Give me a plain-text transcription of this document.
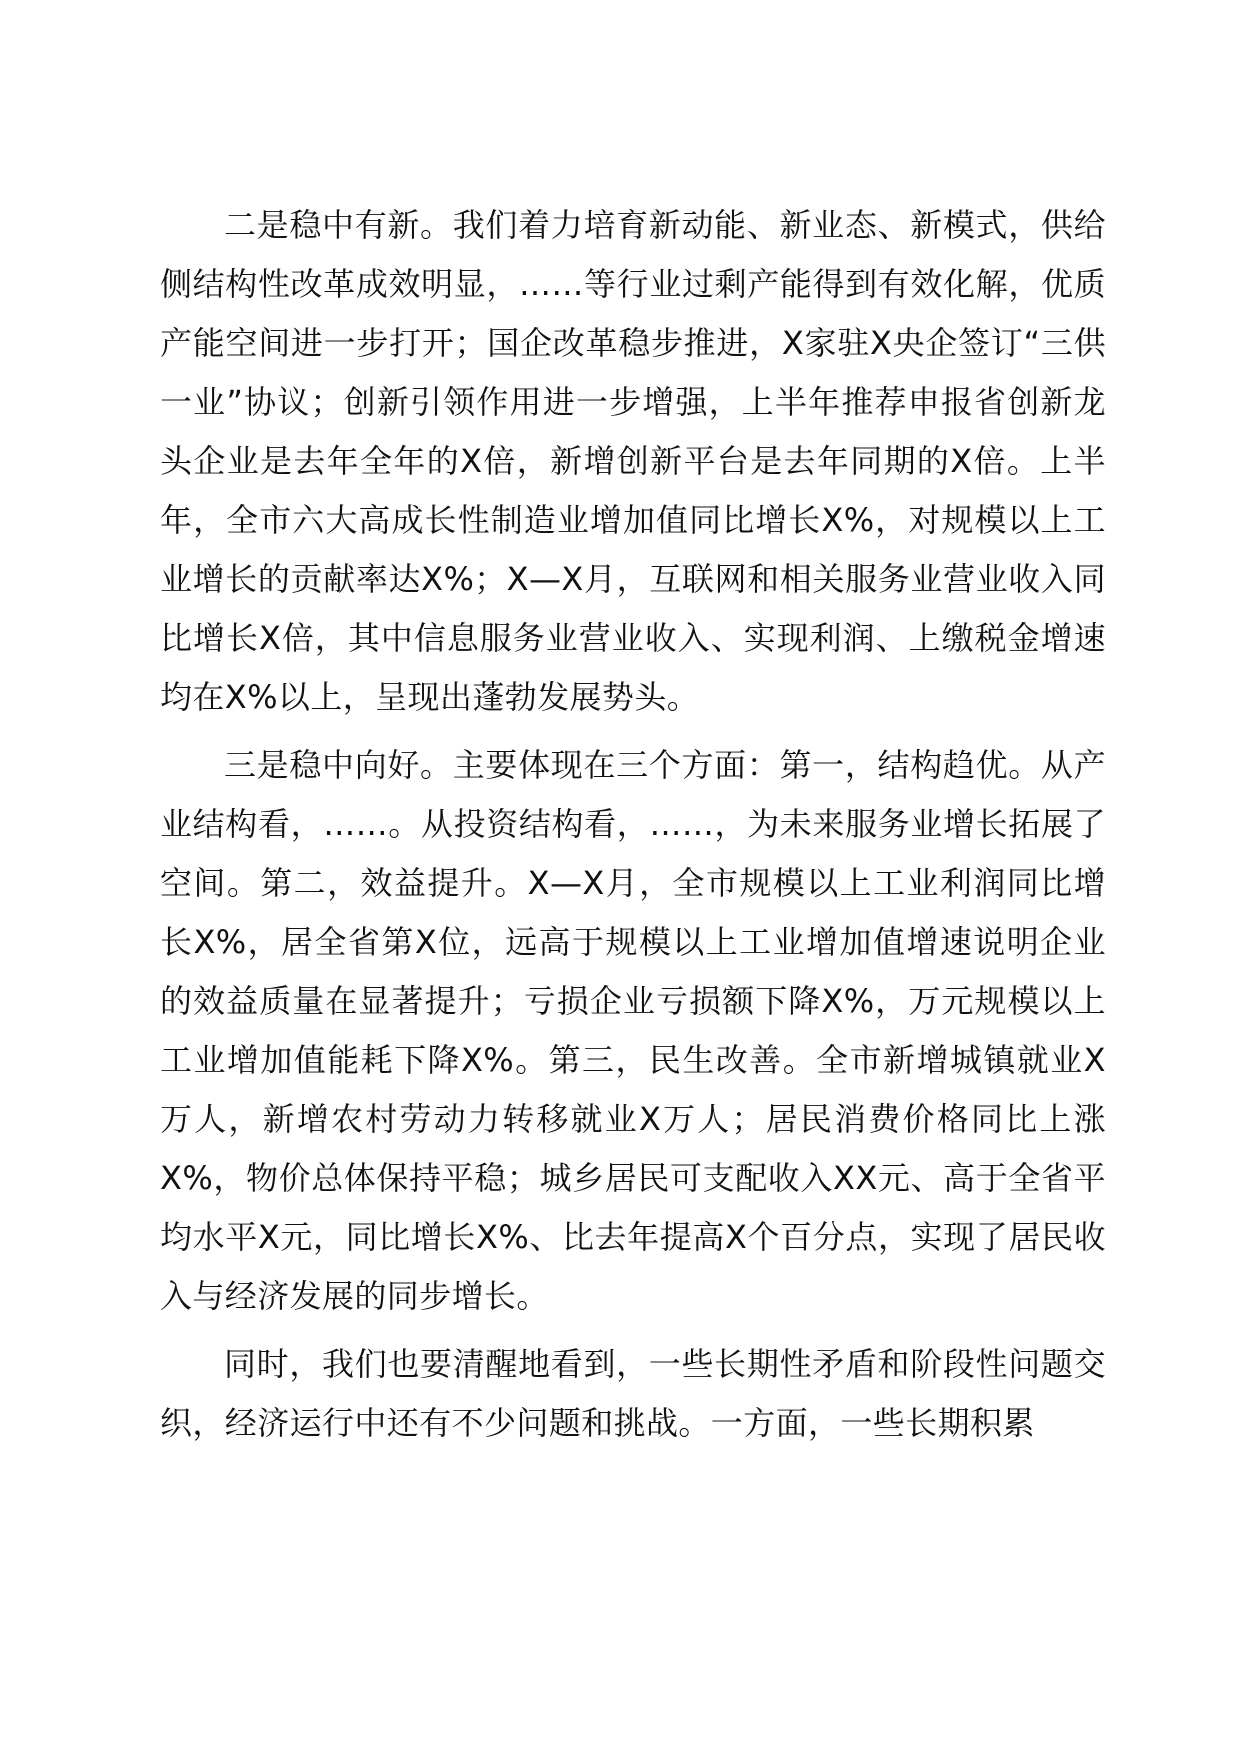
二是稳中有新。我们着力培育新动能、新业态、新模式，供给侧结构性改革成效明显，……等行业过剩产能得到有效化解，优质产能空间进一步打开；国企改革稳步推进，X家驻X央企签订“三供一业”协议；创新引领作用进一步增强，上半年推荐申报省创新龙头企业是去年全年的X倍，新增创新平台是去年同期的X倍。上半年，全市六大高成长性制造业增加值同比增长X%，对规模以上工业增长的贡献率达X%；X—X月，互联网和相关服务业营业收入同比增长X倍，其中信息服务业营业收入、实现利润、上缴税金增速均在X%以上，呈现出蓬勃发展势头。

三是稳中向好。主要体现在三个方面：第一，结构趋优。从产业结构看，……。从投资结构看，……，为未来服务业增长拓展了空间。第二，效益提升。X—X月，全市规模以上工业利润同比增长X%，居全省第X位，远高于规模以上工业增加值增速说明企业的效益质量在显著提升；亏损企业亏损额下降X%，万元规模以上工业增加值能耗下降X%。第三，民生改善。全市新增城镇就业X万人，新增农村劳动力转移就业X万人；居民消费价格同比上涨X%，物价总体保持平稳；城乡居民可支配收入XX元、高于全省平均水平X元，同比增长X%、比去年提高X个百分点，实现了居民收入与经济发展的同步增长。

同时，我们也要清醒地看到，一些长期性矛盾和阶段性问题交织，经济运行中还有不少问题和挑战。一方面，一些长期积累
